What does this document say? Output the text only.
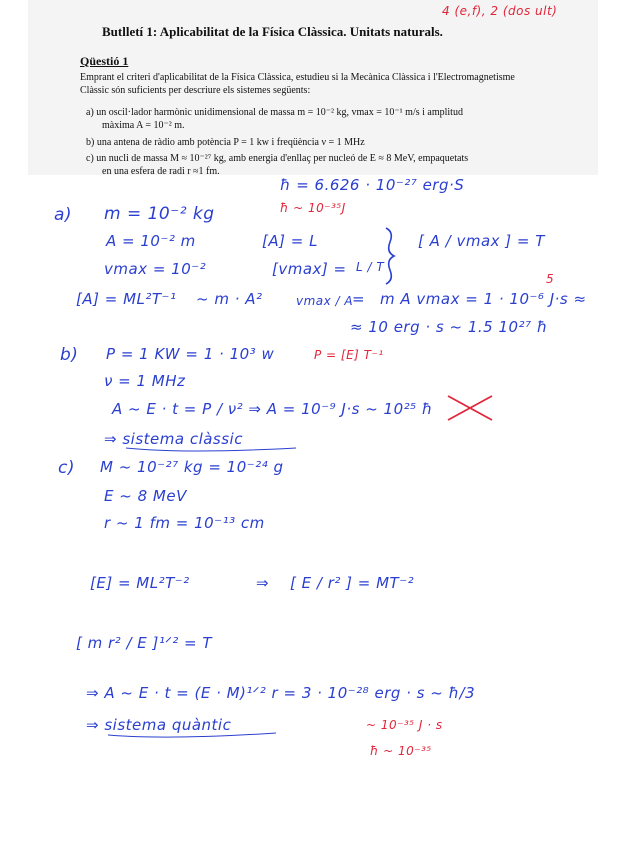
4 (e,f), 2 (dos ult)
Butlletí 1: Aplicabilitat de la Física Clàssica. Unitats naturals.
Qüestió 1
Emprant el criteri d'aplicabilitat de la Física Clàssica, estudieu si la Mecànica Clàssica i l'Electromagnetisme
Clàssic són suficients per descriure els sistemes següents:
a) un oscil·lador harmònic unidimensional de massa m = 10⁻² kg, vmax = 10⁻¹ m/s i amplitud
màxima A = 10⁻² m.
b) una antena de ràdio amb potència P = 1 kw i freqüència ν = 1 MHz
c) un nucli de massa M ≈ 10⁻²⁷ kg, amb energia d'enllaç per nucleó de E ≈ 8 MeV, empaquetats
en una esfera de radi r ≈1 fm.
ħ = 6.626 · 10⁻²⁷ erg·S
ħ ~ 10⁻³⁵J
a) m = 10⁻² kg
A = 10⁻² m
vmax = 10⁻²
[A] = L
[vmax] = L / T
[ A / vmax ] = T
[A] = ML²T⁻¹ ~ m · A²	vmax / A
= m A vmax = 1 · 10⁻⁶ J·s ≈
5
≈ 10 erg · s ~ 1.5 10²⁷ ħ
b) P = 1 KW = 1 · 10³ w	P = [E] T⁻¹
ν = 1 MHz
A ~ E · t = P / ν² ⇒ A = 10⁻⁹ J·s ~ 10²⁵ ħ
⇒ sistema clàssic
c) M ~ 10⁻²⁷ kg = 10⁻²⁴ g
E ~ 8 MeV
r ~ 1 fm = 10⁻¹³ cm
[E] = ML²T⁻²	⇒ [ E / r² ] = MT⁻²
[ m r² / E ]¹ᐟ² = T
⇒ A ~ E · t = (E · M)¹ᐟ² r = 3 · 10⁻²⁸ erg · s ~ ħ/3
⇒ sistema quàntic	~ 10⁻³⁵ J · s
ħ ~ 10⁻³⁵
